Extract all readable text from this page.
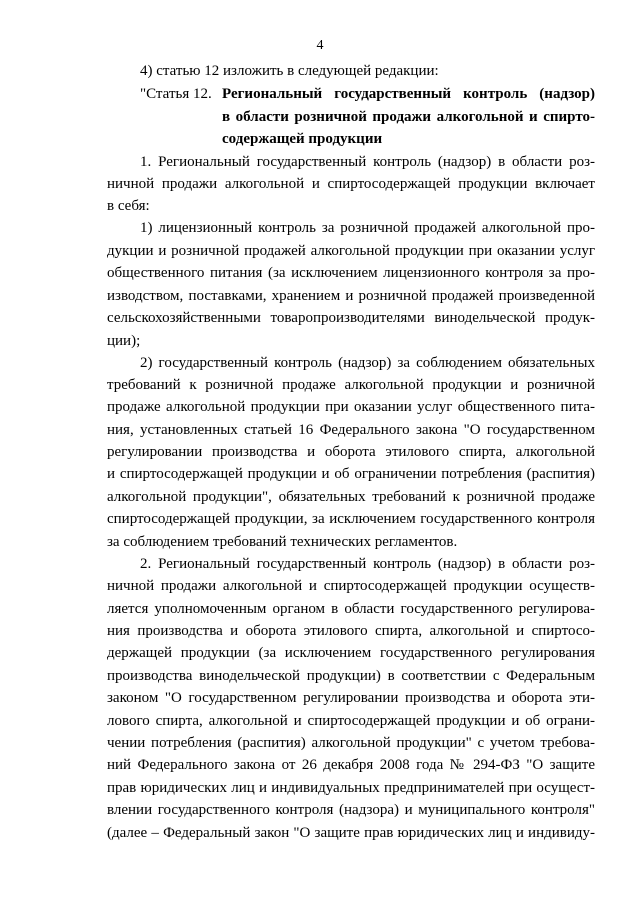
4
4) статью 12 изложить в следующей редакции:
"Статья 12. Региональный государственный контроль (надзор)
в области розничной продажи алкогольной и спирто-
содержащей продукции
1. Региональный государственный контроль (надзор) в области роз-
ничной продажи алкогольной и спиртосодержащей продукции включает
в себя:
1) лицензионный контроль за розничной продажей алкогольной про-
дукции и розничной продажей алкогольной продукции при оказании услуг
общественного питания (за исключением лицензионного контроля за про-
изводством, поставками, хранением и розничной продажей произведенной
сельскохозяйственными товаропроизводителями винодельческой продук-
ции);
2) государственный контроль (надзор) за соблюдением обязательных
требований к розничной продаже алкогольной продукции и розничной
продаже алкогольной продукции при оказании услуг общественного пита-
ния, установленных статьей 16 Федерального закона "О государственном
регулировании производства и оборота этилового спирта, алкогольной
и спиртосодержащей продукции и об ограничении потребления (распития)
алкогольной продукции", обязательных требований к розничной продаже
спиртосодержащей продукции, за исключением государственного контроля
за соблюдением требований технических регламентов.
2. Региональный государственный контроль (надзор) в области роз-
ничной продажи алкогольной и спиртосодержащей продукции осуществ-
ляется уполномоченным органом в области государственного регулирова-
ния производства и оборота этилового спирта, алкогольной и спиртосо-
держащей продукции (за исключением государственного регулирования
производства винодельческой продукции) в соответствии с Федеральным
законом "О государственном регулировании производства и оборота эти-
лового спирта, алкогольной и спиртосодержащей продукции и об ограни-
чении потребления (распития) алкогольной продукции" с учетом требова-
ний Федерального закона от 26 декабря 2008 года № 294-ФЗ "О защите
прав юридических лиц и индивидуальных предпринимателей при осущест-
влении государственного контроля (надзора) и муниципального контроля"
(далее – Федеральный закон "О защите прав юридических лиц и индивиду-
